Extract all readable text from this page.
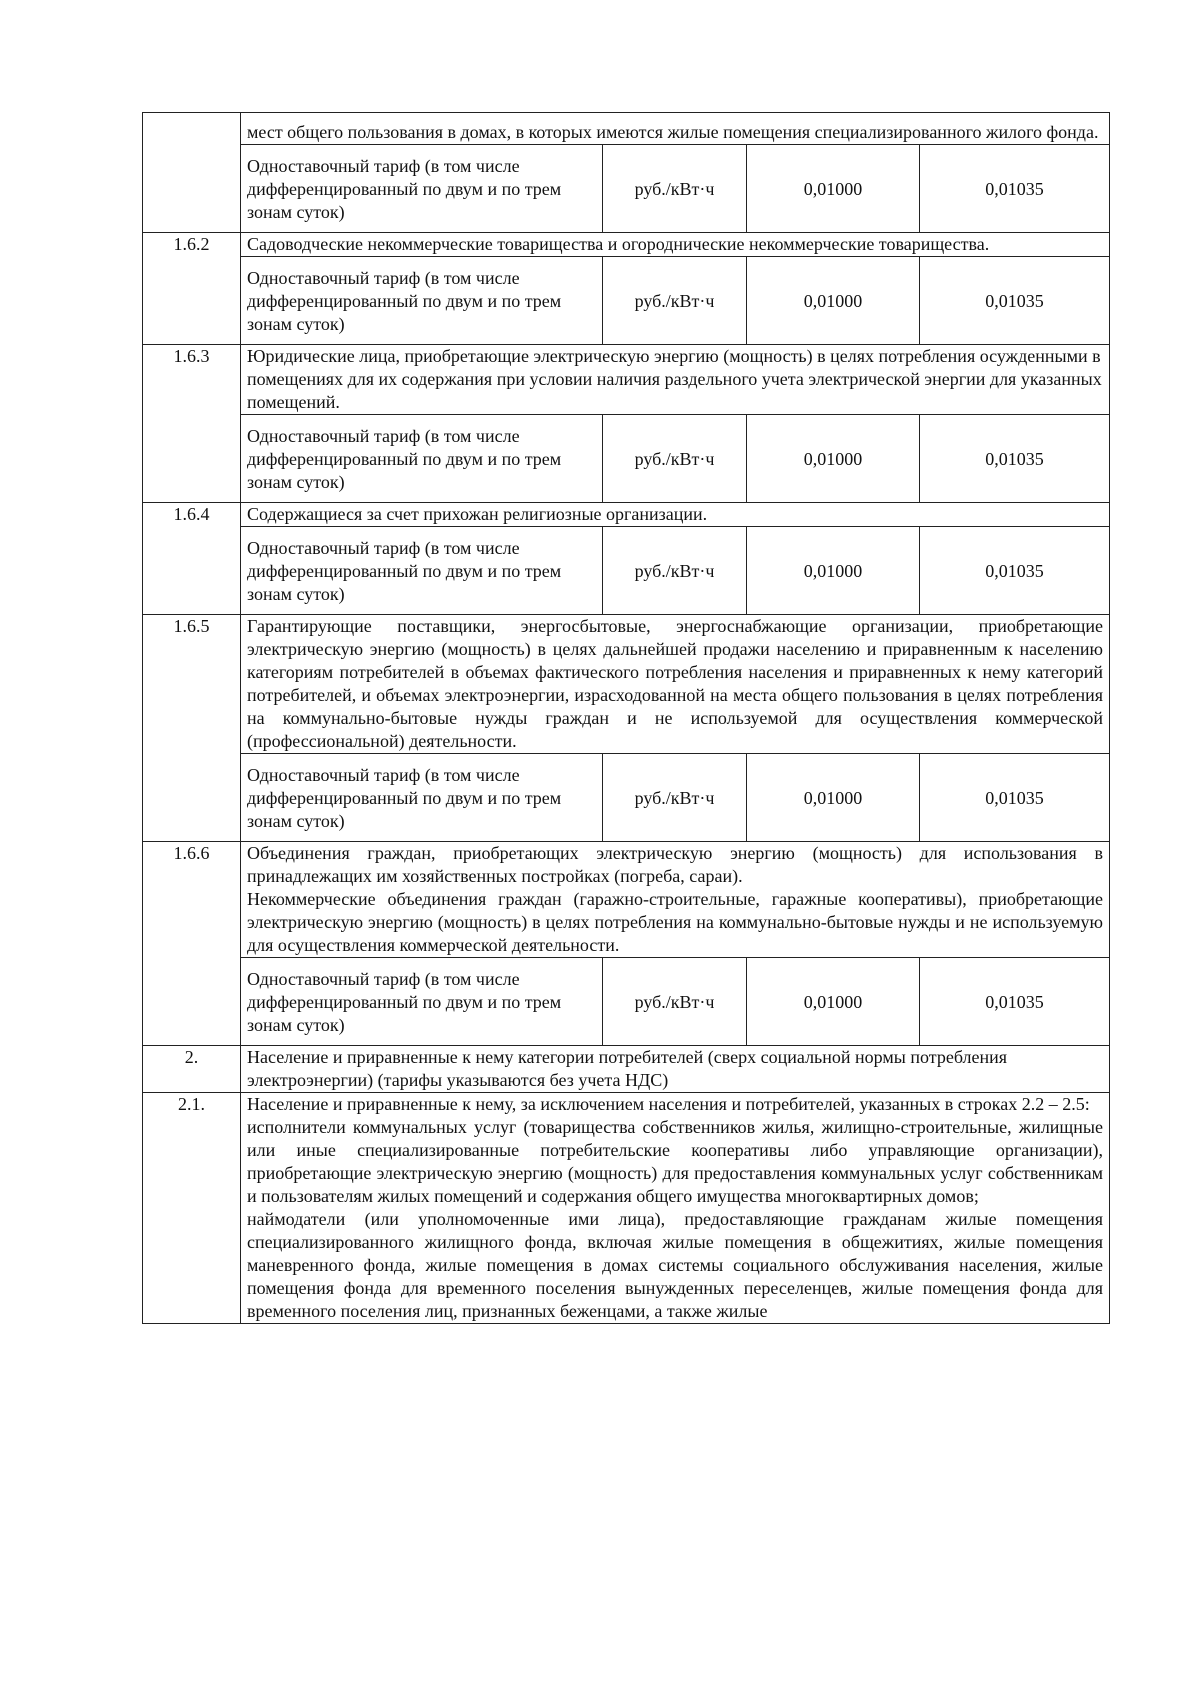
	мест общего пользования в домах, в которых имеются жилые помещения специализированного жилого фонда.			

	Одноставочный тариф (в том числе дифференцированный по двум и по трем зонам суток)	руб./кВт·ч	0,01000	0,01035
1.6.2	Садоводческие некоммерческие товарищества и огороднические некоммерческие товарищества.			

	Одноставочный тариф (в том числе дифференцированный по двум и по трем зонам суток)	руб./кВт·ч	0,01000	0,01035
1.6.3	Юридические лица, приобретающие электрическую энергию (мощность) в целях потребления осужденными в помещениях для их содержания при условии наличия раздельного учета электрической энергии для указанных помещений.			

	Одноставочный тариф (в том числе дифференцированный по двум и по трем зонам суток)	руб./кВт·ч	0,01000	0,01035
1.6.4	Содержащиеся за счет прихожан религиозные организации.			

	Одноставочный тариф (в том числе дифференцированный по двум и по трем зонам суток)	руб./кВт·ч	0,01000	0,01035
1.6.5	Гарантирующие поставщики, энергосбытовые, энергоснабжающие организации, приобретающие электрическую энергию (мощность) в целях дальнейшей продажи населению и приравненным к населению категориям потребителей в объемах фактического потребления населения и приравненных к нему категорий потребителей, и объемах электроэнергии, израсходованной на места общего пользования в целях потребления на коммунально-бытовые нужды граждан и не используемой для осуществления коммерческой (профессиональной) деятельности.			

	Одноставочный тариф (в том числе дифференцированный по двум и по трем зонам суток)	руб./кВт·ч	0,01000	0,01035
1.6.6	Объединения граждан, приобретающих электрическую энергию (мощность) для использования в принадлежащих им хозяйственных постройках (погреба, сараи).

Некоммерческие объединения граждан (гаражно-строительные, гаражные кооперативы), приобретающие электрическую энергию (мощность) в целях потребления на коммунально-бытовые нужды и не используемую для осуществления коммерческой деятельности.			

	Одноставочный тариф (в том числе дифференцированный по двум и по трем зонам суток)	руб./кВт·ч	0,01000	0,01035
2.	Население и приравненные к нему категории потребителей (сверх социальной нормы потребления электроэнергии) (тарифы указываются без учета НДС)			
2.1.	Население и приравненные к нему, за исключением населения и потребителей, указанных в строках 2.2 – 2.5:

исполнители коммунальных услуг (товарищества собственников жилья, жилищно-строительные, жилищные или иные специализированные потребительские кооперативы либо управляющие организации), приобретающие электрическую энергию (мощность) для предоставления коммунальных услуг собственникам и пользователям жилых помещений и содержания общего имущества многоквартирных домов;

наймодатели (или уполномоченные ими лица), предоставляющие гражданам жилые помещения специализированного жилищного фонда, включая жилые помещения в общежитиях, жилые помещения маневренного фонда, жилые помещения в домах системы социального обслуживания населения, жилые помещения фонда для временного поселения вынужденных переселенцев, жилые помещения фонда для временного поселения лиц, признанных беженцами, а также жилые			
